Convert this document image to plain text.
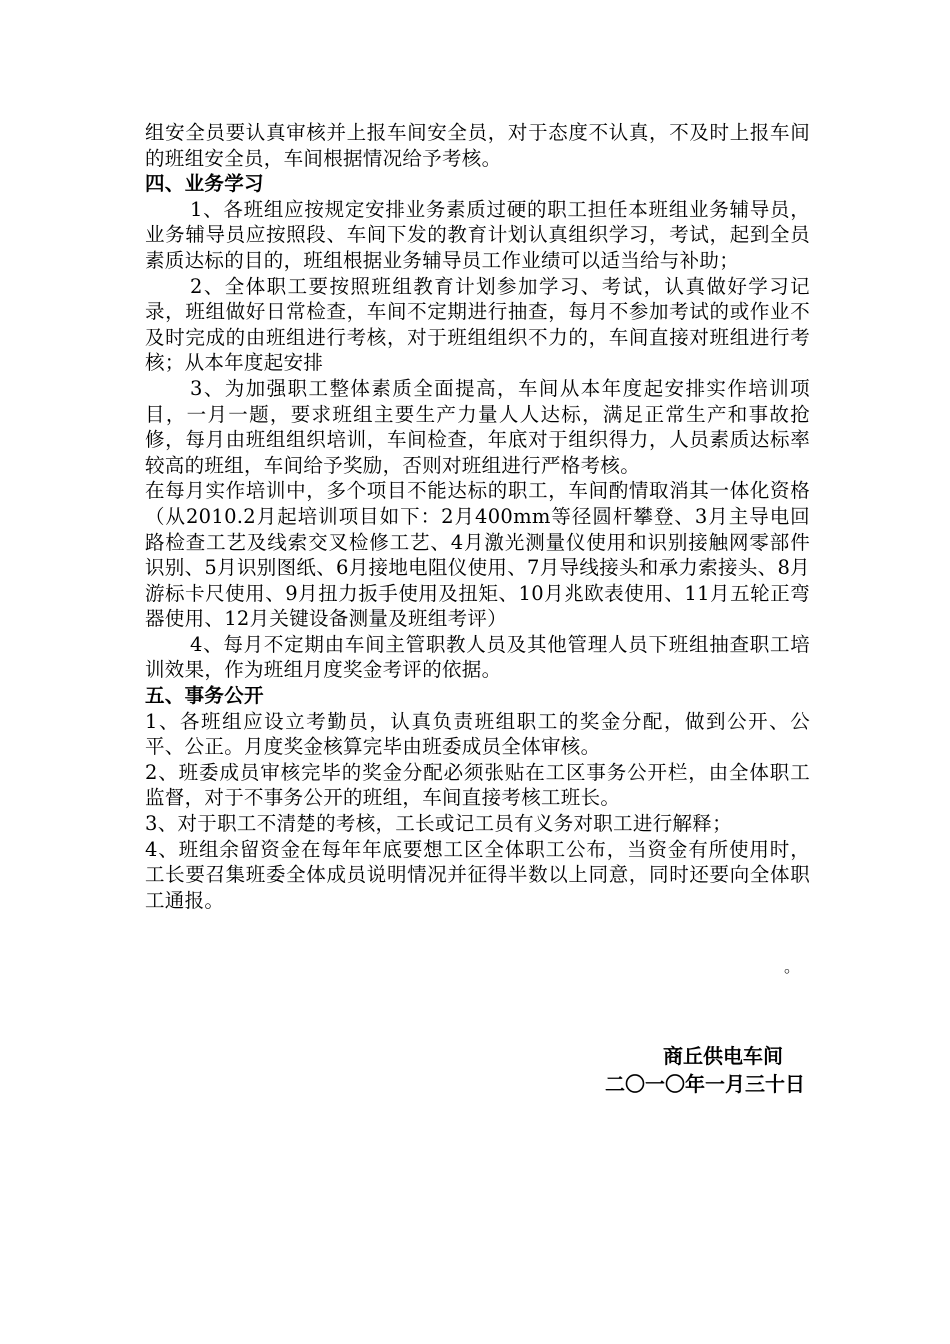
组安全员要认真审核并上报车间安全员，对于态度不认真，不及时上报车间的班组安全员，车间根据情况给予考核。

四、业务学习

1、各班组应按规定安排业务素质过硬的职工担任本班组业务辅导员，业务辅导员应按照段、车间下发的教育计划认真组织学习，考试，起到全员素质达标的目的，班组根据业务辅导员工作业绩可以适当给与补助；

2、全体职工要按照班组教育计划参加学习、考试，认真做好学习记录，班组做好日常检查，车间不定期进行抽查，每月不参加考试的或作业不及时完成的由班组进行考核，对于班组组织不力的，车间直接对班组进行考核；从本年度起安排

3、为加强职工整体素质全面提高，车间从本年度起安排实作培训项目，一月一题，要求班组主要生产力量人人达标，满足正常生产和事故抢修，每月由班组组织培训，车间检查，年底对于组织得力，人员素质达标率较高的班组，车间给予奖励，否则对班组进行严格考核。

在每月实作培训中，多个项目不能达标的职工，车间酌情取消其一体化资格（从2010.2月起培训项目如下：2月400mm等径圆杆攀登、3月主导电回路检查工艺及线索交叉检修工艺、4月激光测量仪使用和识别接触网零部件识别、5月识别图纸、6月接地电阻仪使用、7月导线接头和承力索接头、8月游标卡尺使用、9月扭力扳手使用及扭矩、10月兆欧表使用、11月五轮正弯器使用、12月关键设备测量及班组考评）

4、每月不定期由车间主管职教人员及其他管理人员下班组抽查职工培训效果，作为班组月度奖金考评的依据。

五、事务公开

1、各班组应设立考勤员，认真负责班组职工的奖金分配，做到公开、公平、公正。月度奖金核算完毕由班委成员全体审核。

2、班委成员审核完毕的奖金分配必须张贴在工区事务公开栏，由全体职工监督，对于不事务公开的班组，车间直接考核工班长。

3、对于职工不清楚的考核，工长或记工员有义务对职工进行解释；

4、班组余留资金在每年年底要想工区全体职工公布，当资金有所使用时，工长要召集班委全体成员说明情况并征得半数以上同意，同时还要向全体职工通报。

。
商丘供电车间
二〇一〇年一月三十日
